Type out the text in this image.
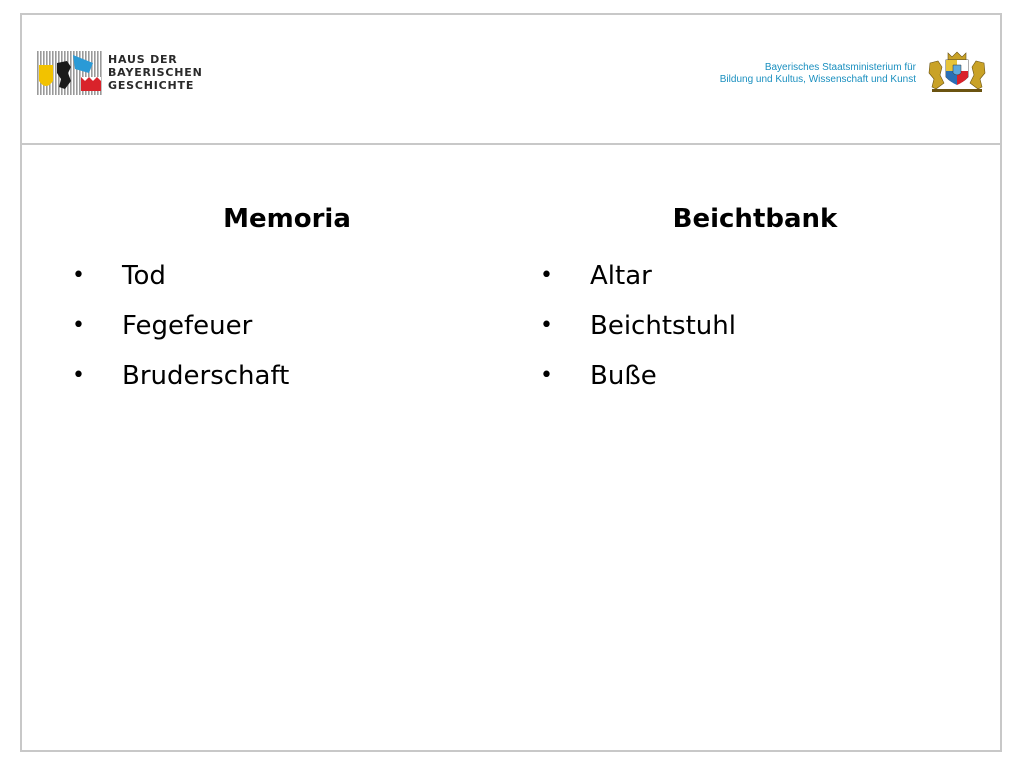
HAUS DER
BAYERISCHEN
GESCHICHTE
Bayerisches Staatsministerium für
Bildung und Kultus, Wissenschaft und Kunst
Memoria
• Tod
• Fegefeuer
• Bruderschaft
Beichtbank
• Altar
• Beichtstuhl
• Buße
